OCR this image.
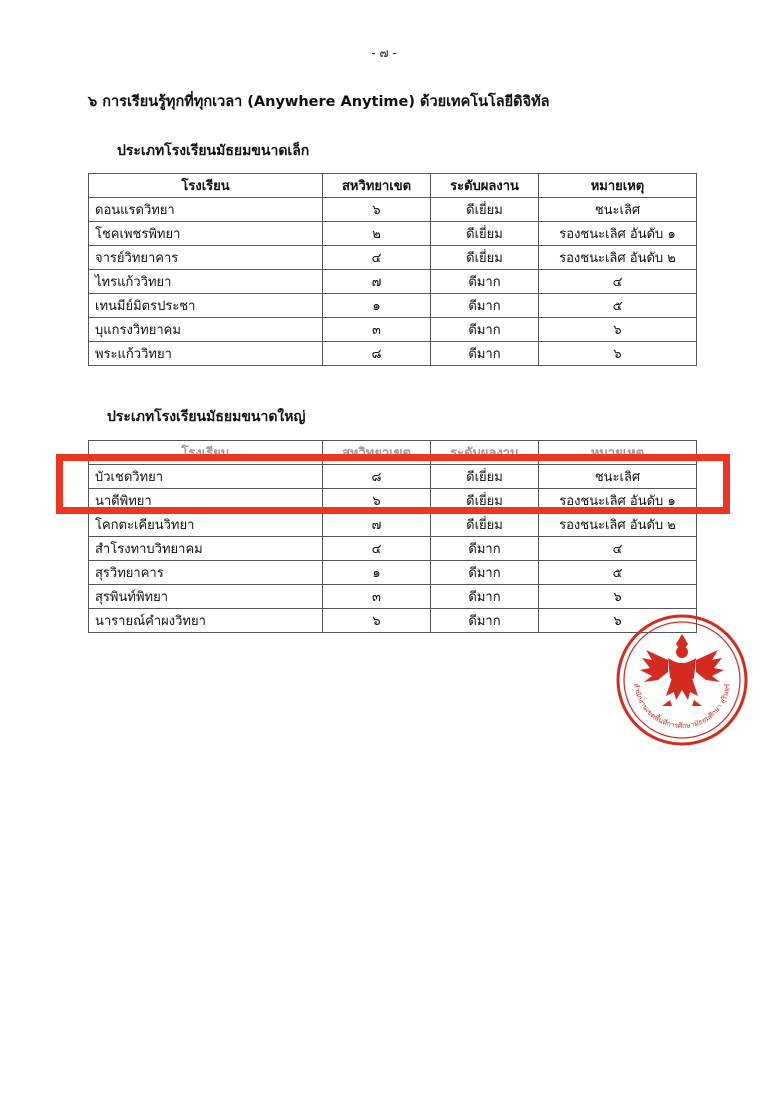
- ๗ -
๖ การเรียนรู้ทุกที่ทุกเวลา (Anywhere Anytime) ด้วยเทคโนโลยีดิจิทัล
ประเภทโรงเรียนมัธยมขนาดเล็ก
โรงเรียน	สหวิทยาเขต	ระดับผลงาน	หมายเหตุ
ดอนแรดวิทยา	๖	ดีเยี่ยม	ชนะเลิศ
โชคเพชรพิทยา	๒	ดีเยี่ยม	รองชนะเลิศ อันดับ ๑
จารย์วิทยาคาร	๔	ดีเยี่ยม	รองชนะเลิศ อันดับ ๒
ไทรแก้ววิทยา	๗	ดีมาก	๔
เทนมีย์มิตรประชา	๑	ดีมาก	๕
บุแกรงวิทยาคม	๓	ดีมาก	๖
พระแก้ววิทยา	๘	ดีมาก	๖
ประเภทโรงเรียนมัธยมขนาดใหญ่
โรงเรียน	สหวิทยาเขต	ระดับผลงาน	หมายเหตุ
บัวเชดวิทยา	๘	ดีเยี่ยม	ชนะเลิศ
นาดีพิทยา	๖	ดีเยี่ยม	รองชนะเลิศ อันดับ ๑
โคกตะเคียนวิทยา	๗	ดีเยี่ยม	รองชนะเลิศ อันดับ ๒
สำโรงทาบวิทยาคม	๔	ดีมาก	๔
สุรวิทยาคาร	๑	ดีมาก	๕
สุรพินท์พิทยา	๓	ดีมาก	๖
นารายณ์คำผงวิทยา	๖	ดีมาก	๖
สำนักงานเขตพื้นที่การศึกษามัธยมศึกษา สุรินทร์
